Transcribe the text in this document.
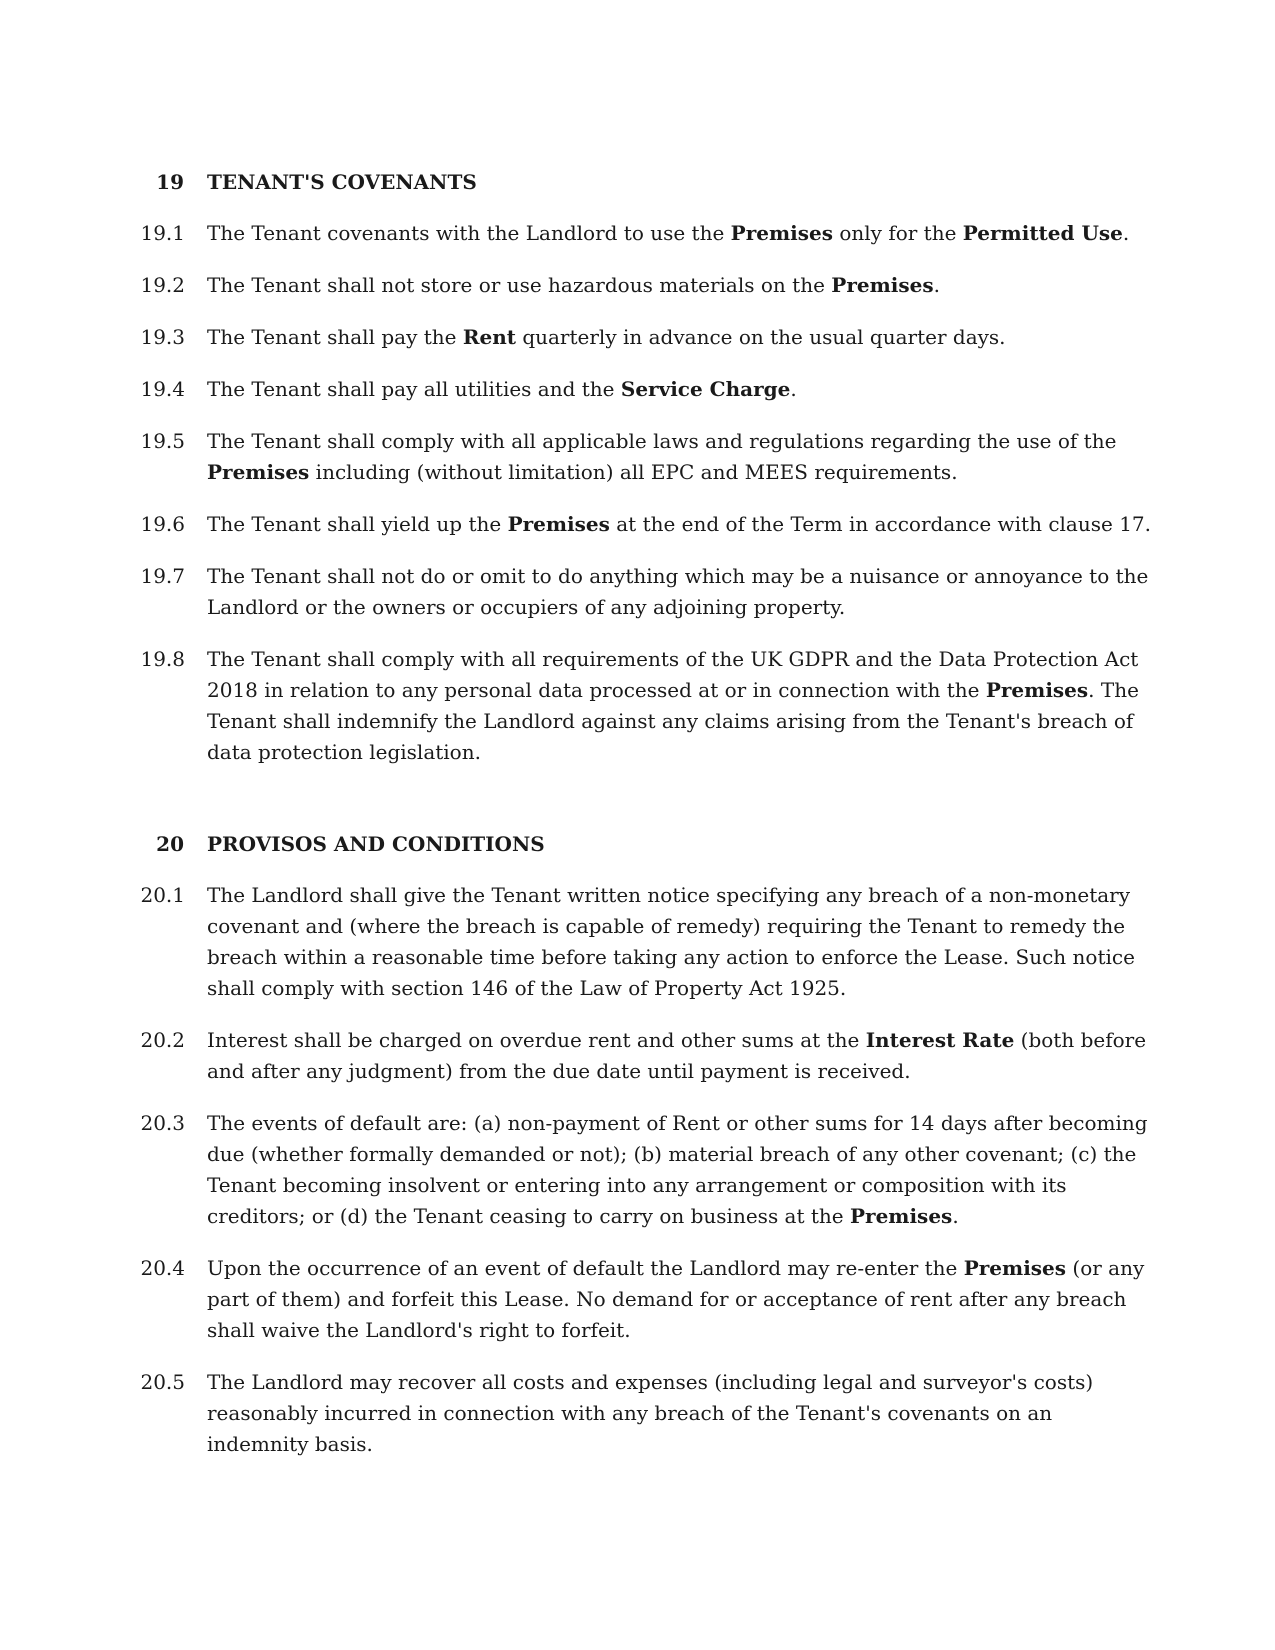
19 TENANT'S COVENANTS
19.1 The Tenant covenants with the Landlord to use the Premises only for the Permitted Use.
19.2 The Tenant shall not store or use hazardous materials on the Premises.
19.3 The Tenant shall pay the Rent quarterly in advance on the usual quarter days.
19.4 The Tenant shall pay all utilities and the Service Charge.
19.5 The Tenant shall comply with all applicable laws and regulations regarding the use of the Premises including (without limitation) all EPC and MEES requirements.
19.6 The Tenant shall yield up the Premises at the end of the Term in accordance with clause 17.
19.7 The Tenant shall not do or omit to do anything which may be a nuisance or annoyance to the Landlord or the owners or occupiers of any adjoining property.
19.8 The Tenant shall comply with all requirements of the UK GDPR and the Data Protection Act 2018 in relation to any personal data processed at or in connection with the Premises. The Tenant shall indemnify the Landlord against any claims arising from the Tenant's breach of data protection legislation.
20 PROVISOS AND CONDITIONS
20.1 The Landlord shall give the Tenant written notice specifying any breach of a non-monetary covenant and (where the breach is capable of remedy) requiring the Tenant to remedy the breach within a reasonable time before taking any action to enforce the Lease. Such notice shall comply with section 146 of the Law of Property Act 1925.
20.2 Interest shall be charged on overdue rent and other sums at the Interest Rate (both before and after any judgment) from the due date until payment is received.
20.3 The events of default are: (a) non-payment of Rent or other sums for 14 days after becoming due (whether formally demanded or not); (b) material breach of any other covenant; (c) the Tenant becoming insolvent or entering into any arrangement or composition with its creditors; or (d) the Tenant ceasing to carry on business at the Premises.
20.4 Upon the occurrence of an event of default the Landlord may re-enter the Premises (or any part of them) and forfeit this Lease. No demand for or acceptance of rent after any breach shall waive the Landlord's right to forfeit.
20.5 The Landlord may recover all costs and expenses (including legal and surveyor's costs) reasonably incurred in connection with any breach of the Tenant's covenants on an indemnity basis.
